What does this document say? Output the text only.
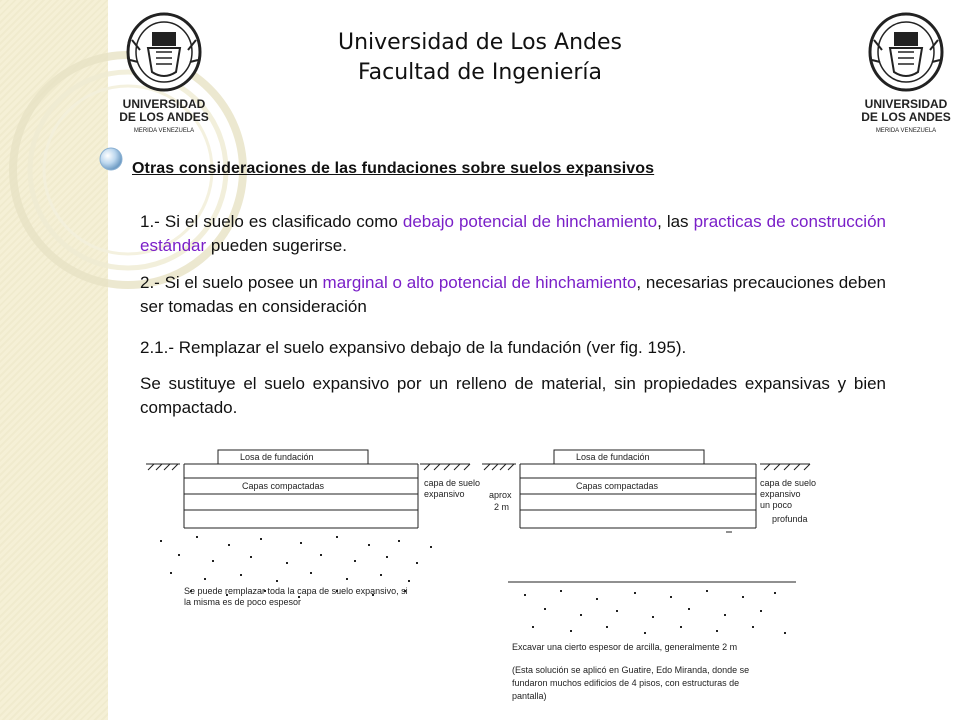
UNIVERSIDAD
DE LOS ANDES
MERIDA VENEZUELA
UNIVERSIDAD
DE LOS ANDES
MERIDA VENEZUELA
Universidad de Los Andes
Facultad de Ingeniería
Otras consideraciones de las fundaciones sobre suelos expansivos
1.- Si el suelo es clasificado como debajo potencial de hinchamiento, las practicas de construcción estándar pueden sugerirse.
2.- Si el suelo posee un marginal o alto potencial de hinchamiento, necesarias precauciones deben ser tomadas en consideración
2.1.- Remplazar el suelo expansivo debajo de la fundación (ver fig. 195).
Se sustituye el suelo expansivo por un relleno de material, sin propiedades expansivas y bien compactado.
Losa de fundación
Capas compactadas	capa de suelo
expansivo
Se puede remplazar toda la capa de suelo expansivo, si
la misma es de poco espesor
Losa de fundación
Capas compactadas
aprox
2 m
capa de suelo
expansivo
un poco
profunda
Excavar una cierto espesor de arcilla, generalmente 2 m
(Esta solución se aplicó en Guatire, Edo Miranda, donde se
fundaron muchos edificios de 4 pisos, con estructuras de
pantalla)
